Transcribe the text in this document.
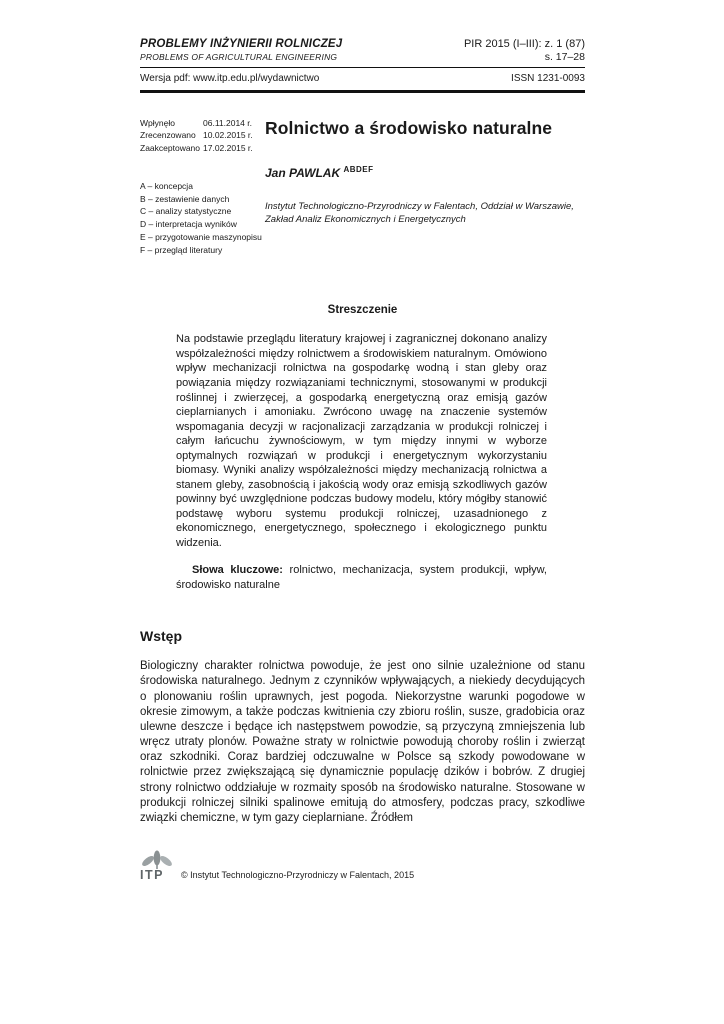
PROBLEMY INŻYNIERII ROLNICZEJ	PIR 2015 (I–III): z. 1 (87)
PROBLEMS OF AGRICULTURAL ENGINEERING	s. 17–28
Wersja pdf: www.itp.edu.pl/wydawnictwo	ISSN 1231-0093
Wpłynęło	06.11.2014 r.
Zrecenzowano 10.02.2015 r.
Zaakceptowano 17.02.2015 r.
A – koncepcja
B – zestawienie danych
C – analizy statystyczne
D – interpretacja wyników
E – przygotowanie maszynopisu
F – przegląd literatury
Rolnictwo a środowisko naturalne
Jan PAWLAK $^{ABDEF}$
Instytut Technologiczno-Przyrodniczy w Falentach, Oddział w Warszawie,
Zakład Analiz Ekonomicznych i Energetycznych
Streszczenie
Na podstawie przeglądu literatury krajowej i zagranicznej dokonano analizy współzależności między rolnictwem a środowiskiem naturalnym. Omówiono wpływ mechanizacji rolnictwa na gospodarkę wodną i stan gleby oraz powiązania między rozwiązaniami technicznymi, stosowanymi w produkcji roślinnej i zwierzęcej, a gospodarką energetyczną oraz emisją gazów cieplarnianych i amoniaku. Zwrócono uwagę na znaczenie systemów wspomagania decyzji w racjonalizacji zarządzania w produkcji rolniczej i całym łańcuchu żywnościowym, w tym między innymi w wyborze optymalnych rozwiązań w produkcji i energetycznym wykorzystaniu biomasy. Wyniki analizy współzależności między mechanizacją rolnictwa a stanem gleby, zasobnością i jakością wody oraz emisją szkodliwych gazów powinny być uwzględnione podczas budowy modelu, który mógłby stanowić podstawę wyboru systemu produkcji rolniczej, uzasadnionego z ekonomicznego, energetycznego, społecznego i ekologicznego punktu widzenia.
Słowa kluczowe: rolnictwo, mechanizacja, system produkcji, wpływ, środowisko naturalne
Wstęp
Biologiczny charakter rolnictwa powoduje, że jest ono silnie uzależnione od stanu środowiska naturalnego. Jednym z czynników wpływających, a niekiedy decydujących o plonowaniu roślin uprawnych, jest pogoda. Niekorzystne warunki pogodowe w okresie zimowym, a także podczas kwitnienia czy zbioru roślin, susze, gradobicia oraz ulewne deszcze i będące ich następstwem powodzie, są przyczyną zmniejszenia lub wręcz utraty plonów. Poważne straty w rolnictwie powodują choroby roślin i zwierząt oraz szkodniki. Coraz bardziej odczuwalne w Polsce są szkody powodowane w rolnictwie przez zwiększającą się dynamicznie populację dzików i bobrów. Z drugiej strony rolnictwo oddziałuje w rozmaity sposób na środowisko naturalne. Stosowane w produkcji rolniczej silniki spalinowe emitują do atmosfery, podczas pracy, szkodliwe związki chemiczne, w tym gazy cieplarniane. Źródłem
ITP © Instytut Technologiczno-Przyrodniczy w Falentach, 2015
